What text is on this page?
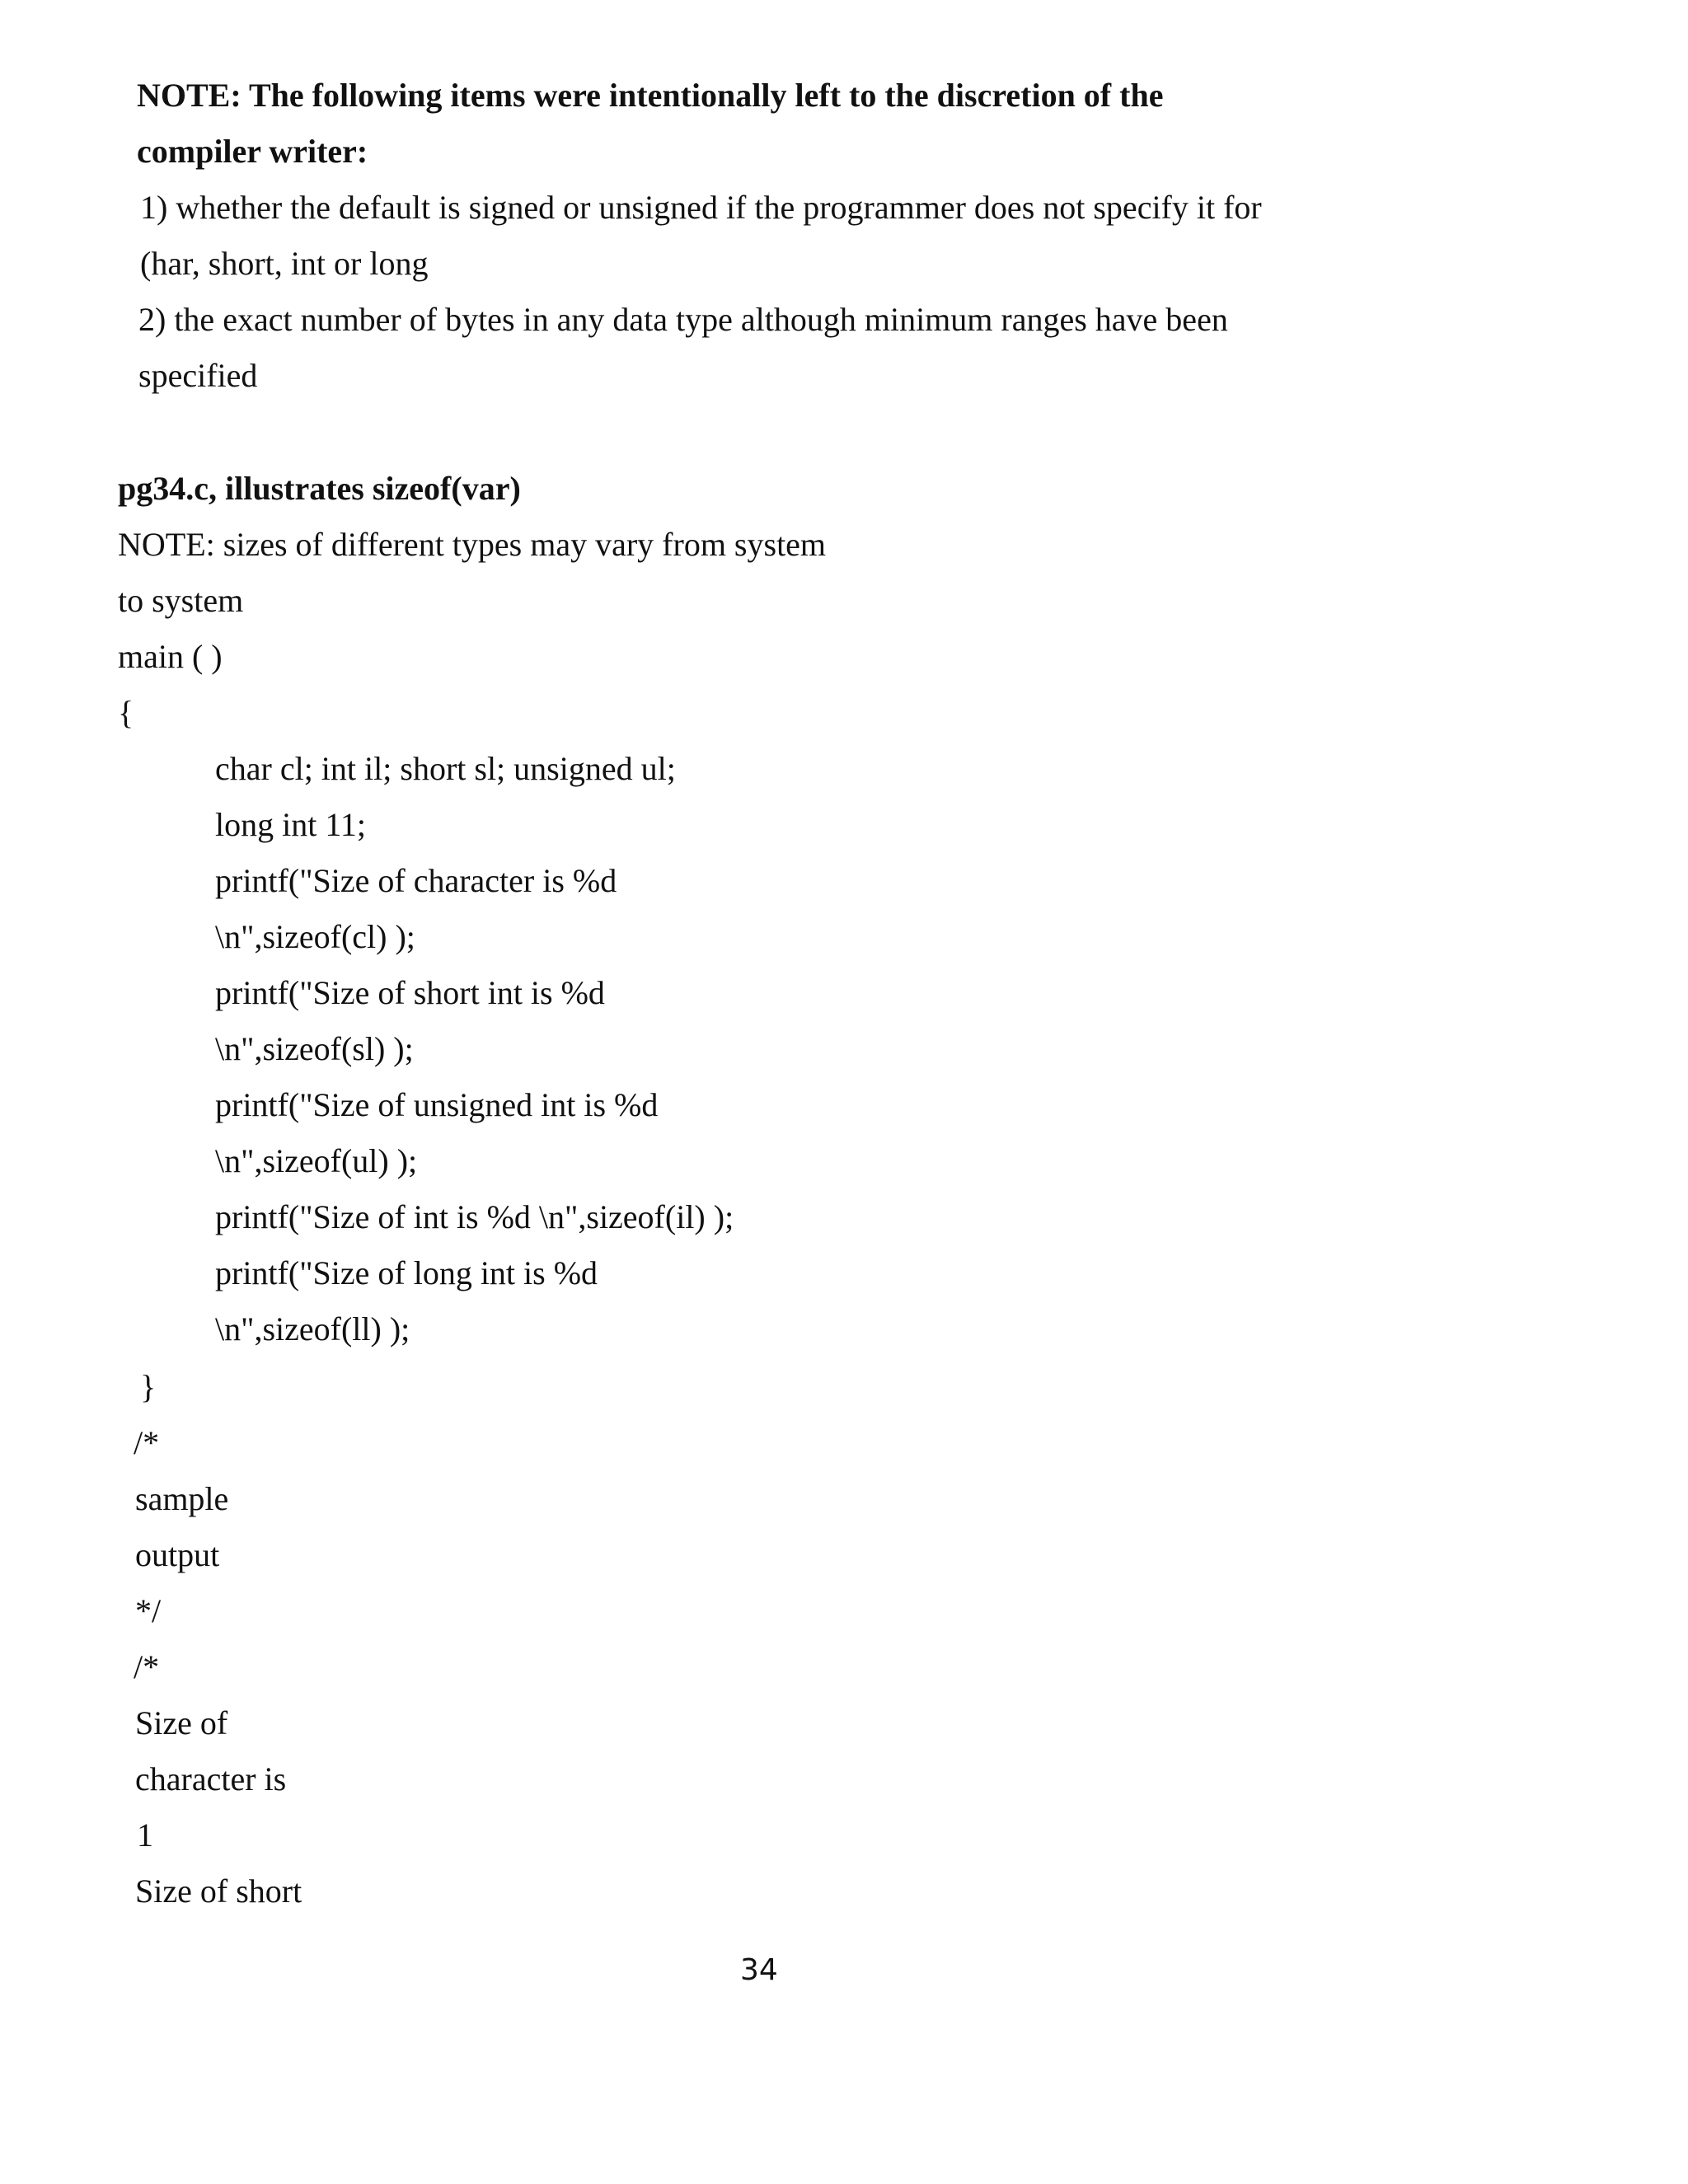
NOTE: The following items were intentionally left to the discretion of the
compiler writer:
1) whether the default is signed or unsigned if the programmer does not specify it for
(har, short, int or long
2) the exact number of bytes in any data type although minimum ranges have been
specified
pg34.c, illustrates sizeof(var)
NOTE: sizes of different types may vary from system
to system
main ( )
{
char cl; int il; short sl; unsigned ul;
long int 11;
printf("Size of character is %d
\n",sizeof(cl) );
printf("Size of short int is %d
\n",sizeof(sl) );
printf("Size of unsigned int is %d
\n",sizeof(ul) );
printf("Size of int is %d \n",sizeof(il) );
printf("Size of long int is %d
\n",sizeof(ll) );
}
/*
sample
output
*/
/*
Size of
character is
1
Size of short
34
